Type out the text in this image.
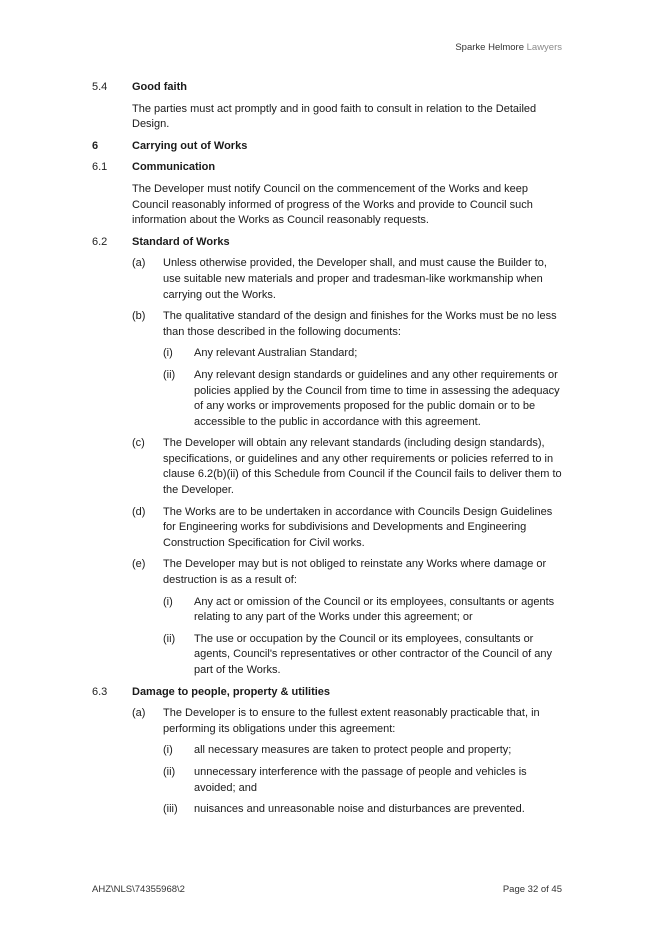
Sparke Helmore Lawyers
5.4	Good faith
The parties must act promptly and in good faith to consult in relation to the Detailed Design.
6	Carrying out of Works
6.1	Communication
The Developer must notify Council on the commencement of the Works and keep Council reasonably informed of progress of the Works and provide to Council such information about the Works as Council reasonably requests.
6.2	Standard of Works
(a)	Unless otherwise provided, the Developer shall, and must cause the Builder to, use suitable new materials and proper and tradesman-like workmanship when carrying out the Works.
(b)	The qualitative standard of the design and finishes for the Works must be no less than those described in the following documents:
(i)	Any relevant Australian Standard;
(ii)	Any relevant design standards or guidelines and any other requirements or policies applied by the Council from time to time in assessing the adequacy of any works or improvements proposed for the public domain or to be accessible to the public in accordance with this agreement.
(c)	The Developer will obtain any relevant standards (including design standards), specifications, or guidelines and any other requirements or policies referred to in clause 6.2(b)(ii) of this Schedule from Council if the Council fails to deliver them to the Developer.
(d)	The Works are to be undertaken in accordance with Councils Design Guidelines for Engineering works for subdivisions and Developments and Engineering Construction Specification for Civil works.
(e)	The Developer may but is not obliged to reinstate any Works where damage or destruction is as a result of:
(i)	Any act or omission of the Council or its employees, consultants or agents relating to any part of the Works under this agreement; or
(ii)	The use or occupation by the Council or its employees, consultants or agents, Council's representatives or other contractor of the Council of any part of the Works.
6.3	Damage to people, property & utilities
(a)	The Developer is to ensure to the fullest extent reasonably practicable that, in performing its obligations under this agreement:
(i)	all necessary measures are taken to protect people and property;
(ii)	unnecessary interference with the passage of people and vehicles is avoided; and
(iii)	nuisances and unreasonable noise and disturbances are prevented.
AHZ\NLS\74355968\2	Page 32 of 45
